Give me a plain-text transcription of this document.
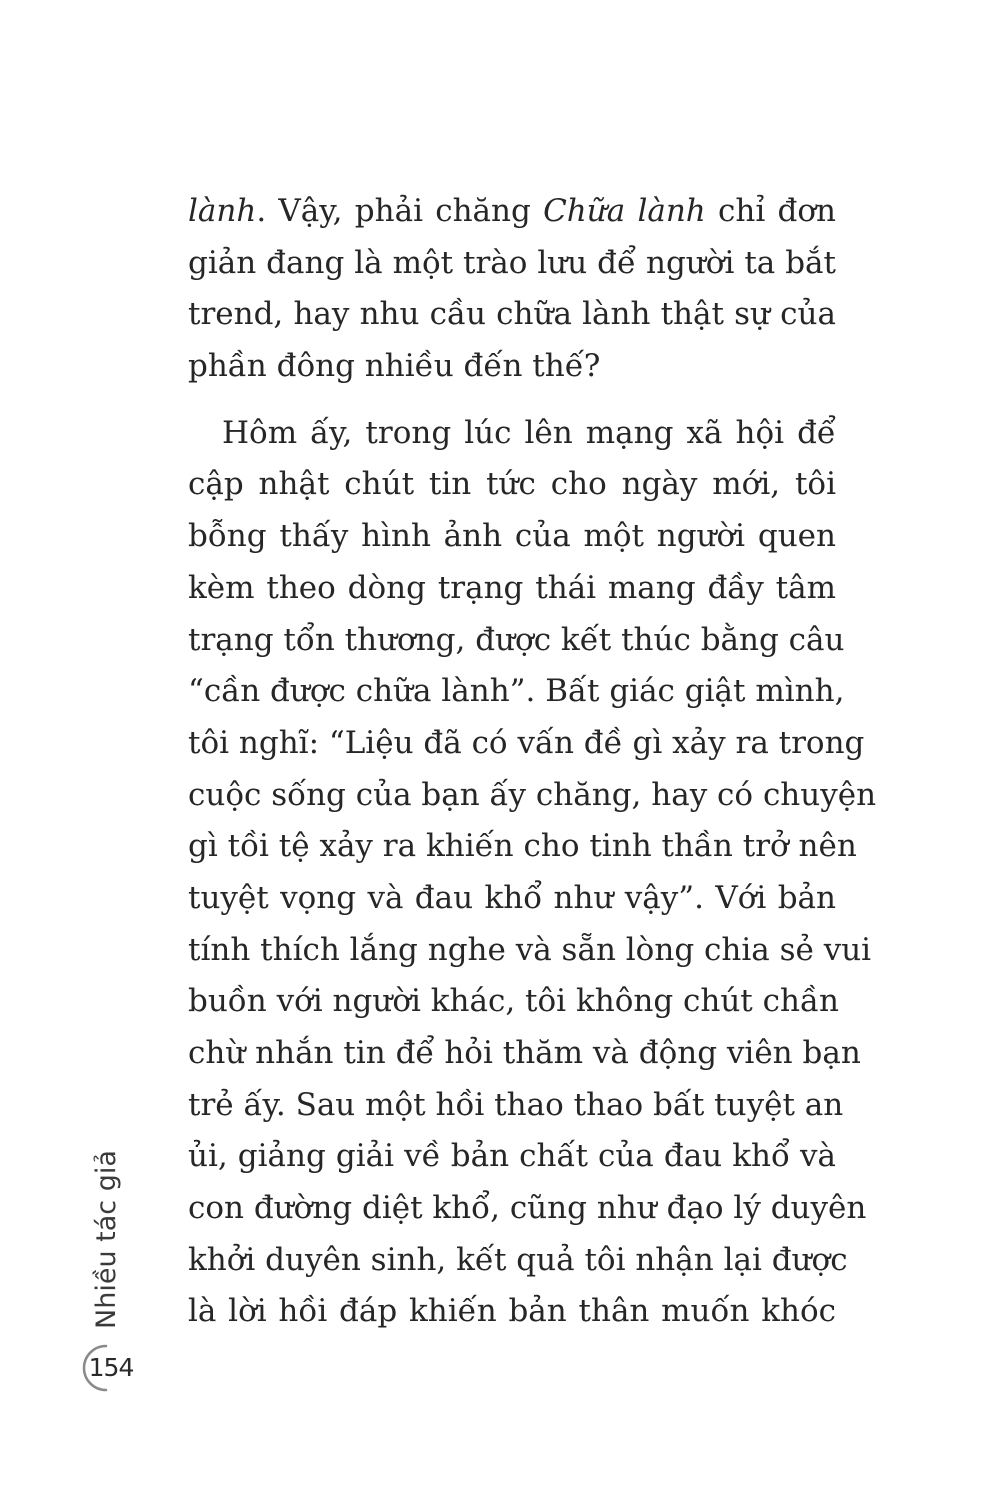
lành. Vậy, phải chăng Chữa lành chỉ đơn
giản đang là một trào lưu để người ta bắt
trend, hay nhu cầu chữa lành thật sự của
phần đông nhiều đến thế?
Hôm ấy, trong lúc lên mạng xã hội để
cập nhật chút tin tức cho ngày mới, tôi
bỗng thấy hình ảnh của một người quen
kèm theo dòng trạng thái mang đầy tâm
trạng tổn thương, được kết thúc bằng câu
“cần được chữa lành”. Bất giác giật mình,
tôi nghĩ: “Liệu đã có vấn đề gì xảy ra trong
cuộc sống của bạn ấy chăng, hay có chuyện
gì tồi tệ xảy ra khiến cho tinh thần trở nên
tuyệt vọng và đau khổ như vậy”. Với bản
tính thích lắng nghe và sẵn lòng chia sẻ vui
buồn với người khác, tôi không chút chần
chừ nhắn tin để hỏi thăm và động viên bạn
trẻ ấy. Sau một hồi thao thao bất tuyệt an
ủi, giảng giải về bản chất của đau khổ và
con đường diệt khổ, cũng như đạo lý duyên
khởi duyên sinh, kết quả tôi nhận lại được
là lời hồi đáp khiến bản thân muốn khóc
Nhiều tác giả
154
